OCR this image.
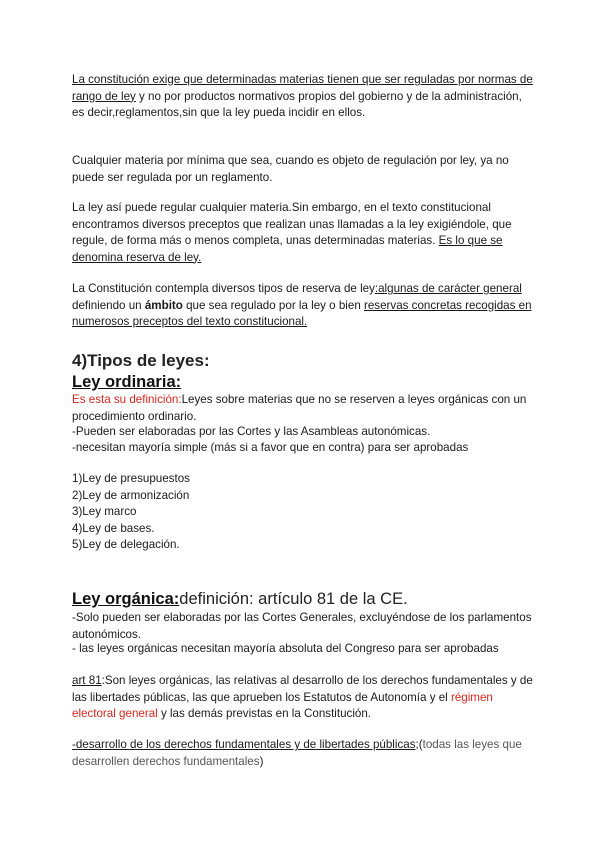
La constitución exige que determinadas materias tienen que ser reguladas por normas de rango de ley y no por productos normativos propios del gobierno y de la administración, es decir,reglamentos,sin que la ley pueda incidir en ellos.

Cualquier materia por mínima que sea, cuando es objeto de regulación por ley, ya no puede ser regulada por un reglamento.

La ley así puede regular cualquier materia.Sin embargo, en el texto constitucional encontramos diversos preceptos que realizan unas llamadas a la ley exigiéndole, que regule, de forma más o menos completa, unas determinadas materias. Es lo que se denomina reserva de ley.

La Constitución contempla diversos tipos de reserva de ley:algunas de carácter general definiendo un ámbito que sea regulado por la ley o bien reservas concretas recogidas en numerosos preceptos del texto constitucional.

4)Tipos de leyes:
Ley ordinaria:

Es esta su definición:Leyes sobre materias que no se reserven a leyes orgánicas con un procedimiento ordinario.

-Pueden ser elaboradas por las Cortes y las Asambleas autonómicas.

-necesitan mayoría simple (más si a favor que en contra) para ser aprobadas

1)Ley de presupuestos
2)Ley de armonización
3)Ley marco
4)Ley de bases.
5)Ley de delegación.
Ley orgánica:definición: artículo 81 de la CE.

-Solo pueden ser elaboradas por las Cortes Generales, excluyéndose de los parlamentos autonómicos.

- las leyes orgánicas necesitan mayoría absoluta del Congreso para ser aprobadas

art 81:Son leyes orgánicas, las relativas al desarrollo de los derechos fundamentales y de las libertades públicas, las que aprueben los Estatutos de Autonomía y el régimen electoral general y las demás previstas en la Constitución.

-desarrollo de los derechos fundamentales y de libertades públicas;(todas las leyes que desarrollen derechos fundamentales)
